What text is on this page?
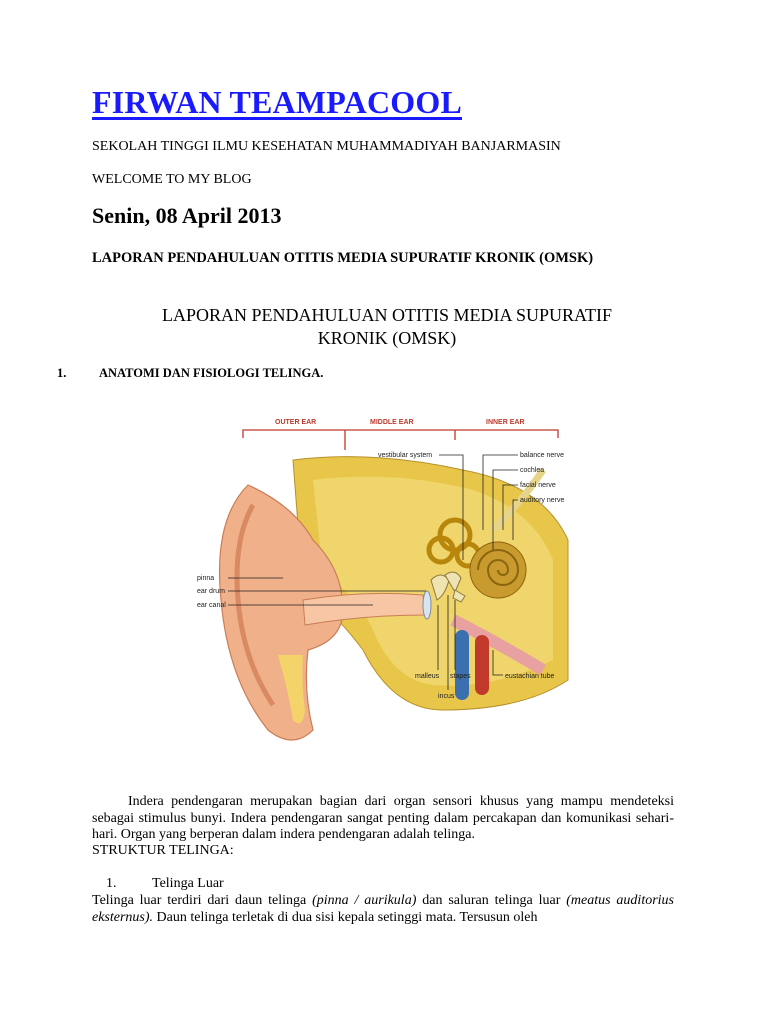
FIRWAN TEAMPACOOL
SEKOLAH TINGGI ILMU KESEHATAN MUHAMMADIYAH BANJARMASIN
WELCOME TO MY BLOG
Senin, 08 April 2013
LAPORAN PENDAHULUAN OTITIS MEDIA SUPURATIF KRONIK (OMSK)
LAPORAN PENDAHULUAN OTITIS MEDIA SUPURATIF
KRONIK (OMSK)
1.	ANATOMI DAN FISIOLOGI TELINGA.
OUTER EAR	MIDDLE EAR	INNER EAR
vestibular system	balance nerve
cochlea
facial nerve
auditory nerve
pinna
ear drum
ear canal
malleus stapes
incus
eustachian tube
Indera pendengaran merupakan bagian dari organ sensori khusus yang mampu mendeteksi sebagai stimulus bunyi. Indera pendengaran sangat penting dalam percakapan dan komunikasi sehari-hari. Organ yang berperan dalam indera pendengaran adalah telinga.
STRUKTUR TELINGA:
1.	Telinga Luar
Telinga luar terdiri dari daun telinga (pinna / aurikula) dan saluran telinga luar (meatus auditorius eksternus). Daun telinga terletak di dua sisi kepala setinggi mata. Tersusun oleh
